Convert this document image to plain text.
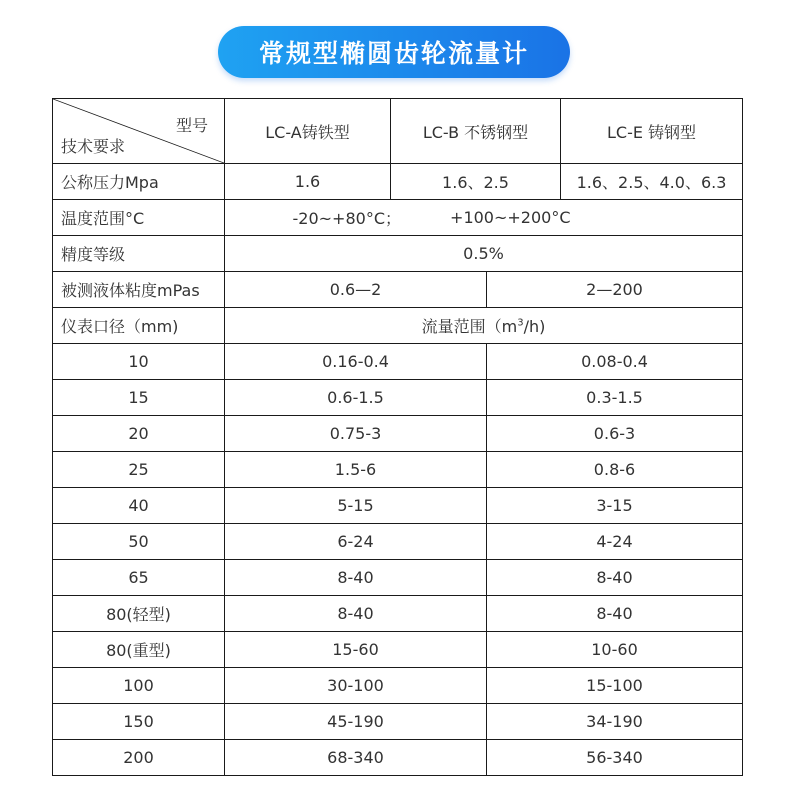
常规型椭圆齿轮流量计
型号
技术要求	LC-A铸铁型	LC-B 不锈钢型		LC-E 铸钢型
公称压力Mpa	1.6	1.6、2.5		1.6、2.5、4.0、6.3
温度范围°C	-20~+80°C； +100~+200°C			

精度等级	0.5%			
被测液体粘度mPas	0.6—2		2—200	
仪表口径（mm)	流量范围$(m^3/h)$			
10	0.16-0.4		0.08-0.4	
15	0.6-1.5		0.3-1.5	
20	0.75-3		0.6-3	
25	1.5-6		0.8-6	
40	5-15		3-15	
50	6-24		4-24	
65	8-40		8-40	
80(轻型)	8-40		8-40	
80(重型)	15-60		10-60	
100	30-100		15-100	
150	45-190		34-190	
200	68-340		56-340	
